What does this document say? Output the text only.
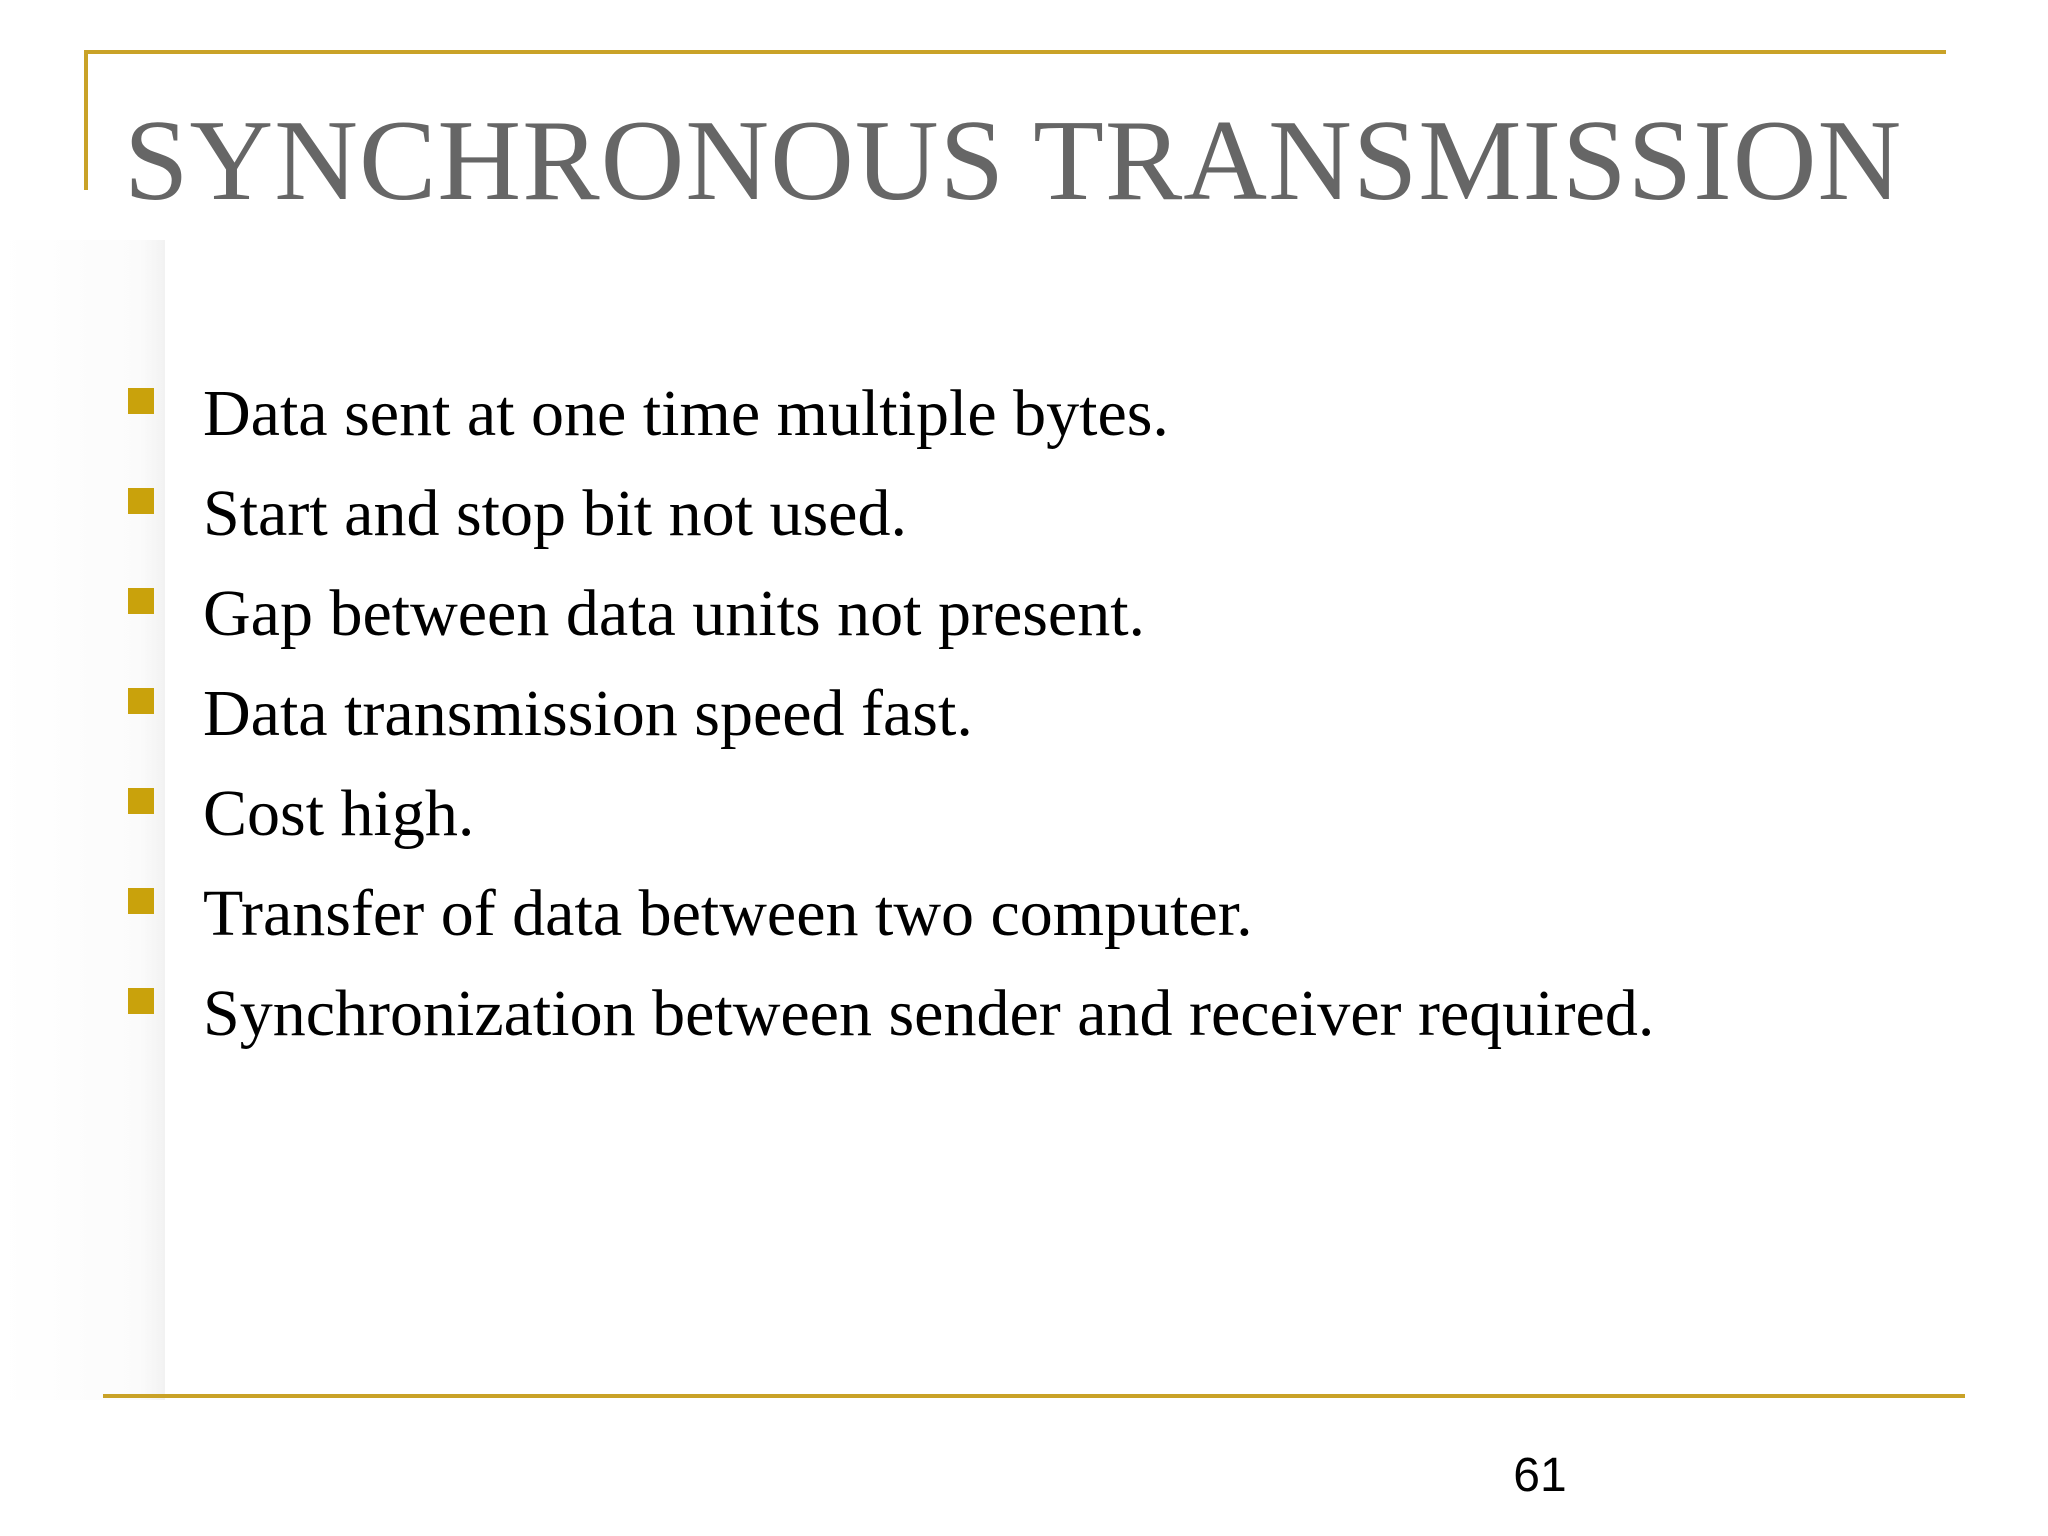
SYNCHRONOUS TRANSMISSION
Data sent at one time multiple bytes.
Start and stop bit not used.
Gap between data units not present.
Data transmission speed fast.
Cost high.
Transfer of data between two computer.
Synchronization between sender and receiver required.
61
